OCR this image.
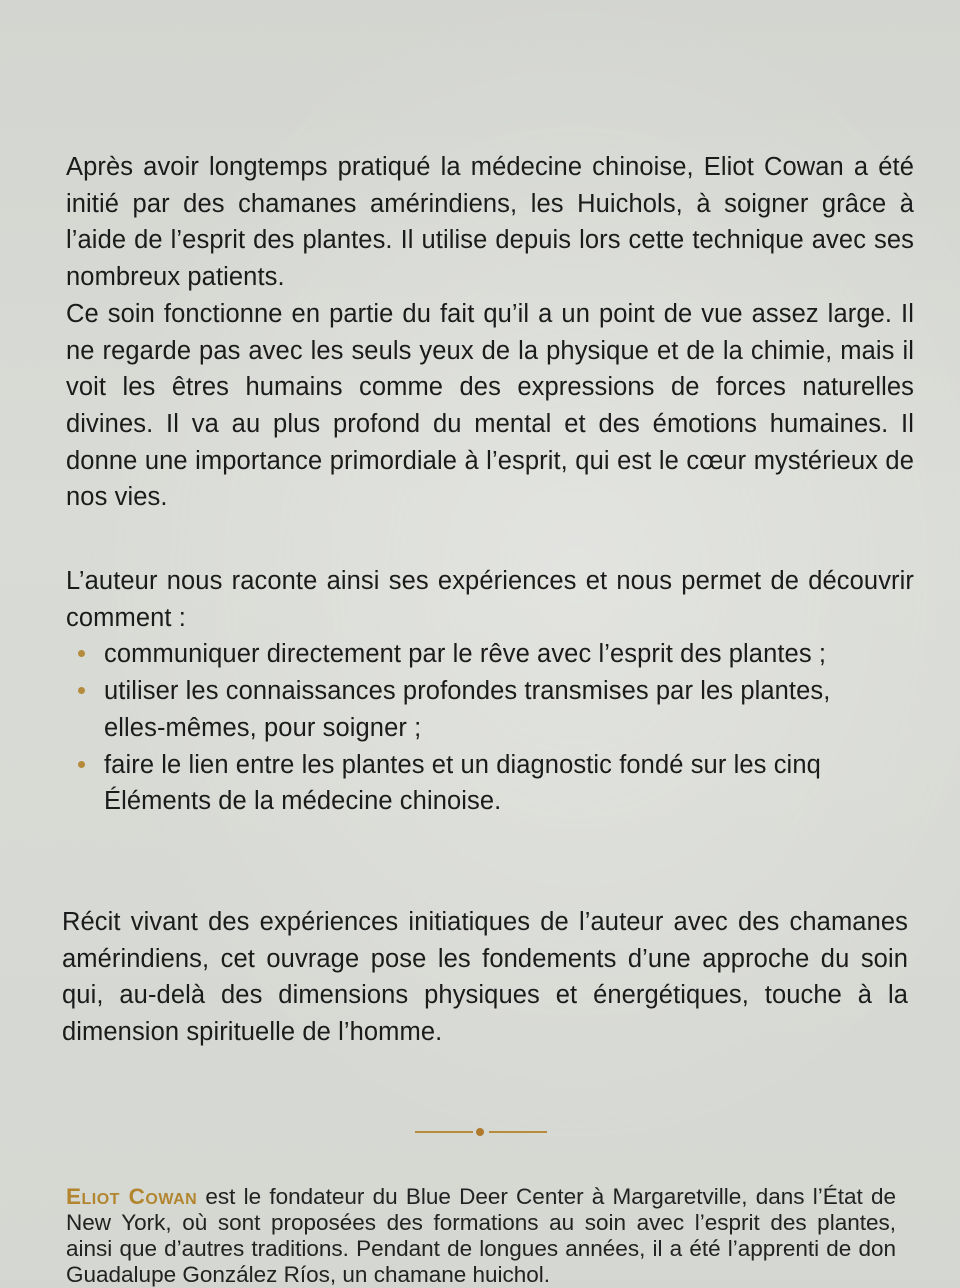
Après avoir longtemps pratiqué la médecine chinoise, Eliot Cowan a été initié par des chamanes amérindiens, les Huichols, à soigner grâce à l’aide de l’esprit des plantes. Il utilise depuis lors cette technique avec ses nombreux patients.

Ce soin fonctionne en partie du fait qu’il a un point de vue assez large. Il ne regarde pas avec les seuls yeux de la physique et de la chimie, mais il voit les êtres humains comme des expressions de forces naturelles divines. Il va au plus profond du mental et des émotions humaines. Il donne une importance primordiale à l’esprit, qui est le cœur mystérieux de nos vies.

L’auteur nous raconte ainsi ses expériences et nous permet de découvrir comment :

communiquer directement par le rêve avec l’esprit des plantes ;
utiliser les connaissances profondes transmises par les plantes, elles-mêmes, pour soigner ;
faire le lien entre les plantes et un diagnostic fondé sur les cinq Éléments de la médecine chinoise.

Récit vivant des expériences initiatiques de l’auteur avec des chamanes amérindiens, cet ouvrage pose les fondements d’une approche du soin qui, au-delà des dimensions physiques et énergétiques, touche à la dimension spirituelle de l’homme.

Eliot Cowan est le fondateur du Blue Deer Center à Margaretville, dans l’État de New York, où sont proposées des formations au soin avec l’esprit des plantes, ainsi que d’autres traditions. Pendant de longues années, il a été l’apprenti de don Guadalupe González Ríos, un chamane huichol.
